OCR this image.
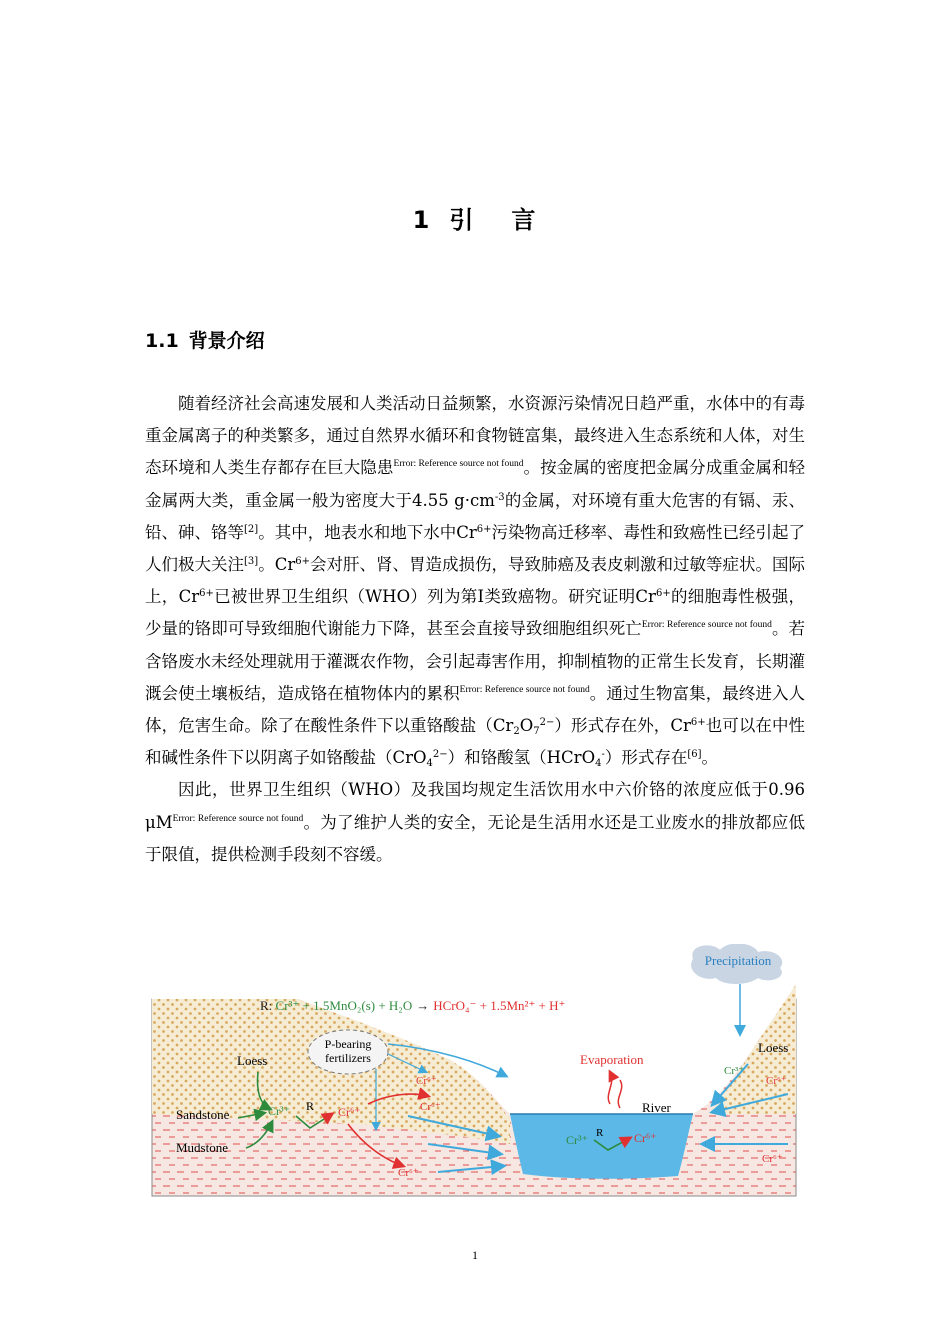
1 引 言
1.1 背景介绍

随着经济社会高速发展和人类活动日益频繁，水资源污染情况日趋严重，水体中的有毒重金属离子的种类繁多，通过自然界水循环和食物链富集，最终进入生态系统和人体，对生态环境和人类生存都存在巨大隐患$^{Error: Reference source not found}$。按金属的密度把金属分成重金属和轻金属两大类，重金属一般为密度大于4.55 $g\cdot cm^{-3}$的金属，对环境有重大危害的有镉、汞、铅、砷、铬等[2]。其中，地表水和地下水中$Cr^{6+}$污染物高迁移率、毒性和致癌性已经引起了人们极大关注[3]。$Cr^{6+}$会对肝、肾、胃造成损伤，导致肺癌及表皮刺激和过敏等症状。国际上，$Cr^{6+}$已被世界卫生组织（WHO）列为第Ⅰ类致癌物。研究证明$Cr^{6+}$的细胞毒性极强，少量的铬即可导致细胞代谢能力下降，甚至会直接导致细胞组织死亡$^{Error: Reference source not found}$。若含铬废水未经处理就用于灌溉农作物，会引起毒害作用，抑制植物的正常生长发育，长期灌溉会使土壤板结，造成铬在植物体内的累积$^{Error: Reference source not found}$。通过生物富集，最终进入人体，危害生命。除了在酸性条件下以重铬酸盐$(Cr_2O_7^{2-})$形式存在外，$Cr^{6+}$也可以在中性和碱性条件下以阴离子如铬酸盐（CrO$_4^{2-}$）和铬酸氢（HCrO$_4$-）形式存在[6]。

因此，世界卫生组织（WHO）及我国均规定生活饮用水中六价铬的浓度应低于0.96 $\mu M^{Error: Reference source not found}$。为了维护人类的安全，无论是生活用水还是工业废水的排放都应低于限值，提供检测手段刻不容缓。

Precipitation
R: Cr³⁺ + 1.5MnO₂(s) + H₂O → HCrO₄⁻ + 1.5Mn²⁺ + H⁺
P-bearing
fertilizers
Loess
Sandstone
Mudstone
Loess
Cr³⁺ R Cr⁶⁺
Cr⁶⁺
Cr⁶⁺
Cr⁶⁺
Cr³⁺
Cr⁶⁺
Cr⁶⁺
Evaporation
River
Cr³⁺ R	Cr⁶⁺
1
